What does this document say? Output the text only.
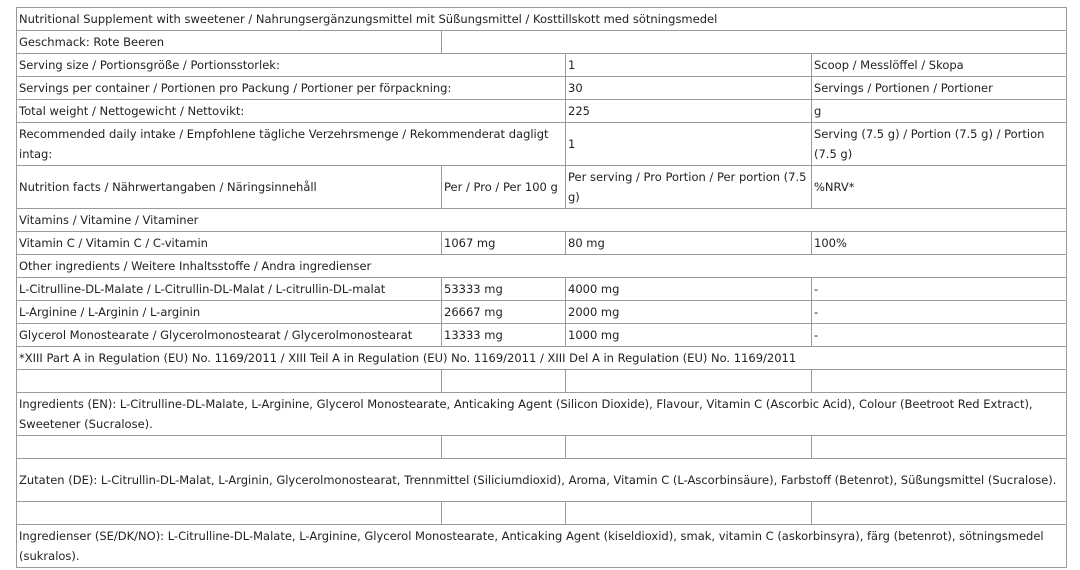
Nutritional Supplement with sweetener / Nahrungsergänzungsmittel mit Süßungsmittel / Kosttillskott med sötningsmedel			
Geschmack: Rote Beeren			
Serving size / Portionsgröße / Portionsstorlek:		1	Scoop / Messlöffel / Skopa
Servings per container / Portionen pro Packung / Portioner per förpackning:		30	Servings / Portionen / Portioner
Total weight / Nettogewicht / Nettovikt:		225	g
Recommended daily intake / Empfohlene tägliche Verzehrsmenge / Rekommenderat dagligt intag:		1	Serving (7.5 g) / Portion (7.5 g) / Portion (7.5 g)
Nutrition facts / Nährwertangaben / Näringsinnehåll	Per / Pro / Per 100 g	Per serving / Pro Portion / Per portion (7.5 g)	%NRV*
Vitamins / Vitamine / Vitaminer			
Vitamin C / Vitamin C / C-vitamin	1067 mg	80 mg	100%
Other ingredients / Weitere Inhaltsstoffe / Andra ingredienser			
L-Citrulline-DL-Malate / L-Citrullin-DL-Malat / L-citrullin-DL-malat	53333 mg	4000 mg	-
L-Arginine / L-Arginin / L-arginin	26667 mg	2000 mg	-
Glycerol Monostearate / Glycerolmonostearat / Glycerolmonostearat	13333 mg	1000 mg	-
*XIII Part A in Regulation (EU) No. 1169/2011 / XIII Teil A in Regulation (EU) No. 1169/2011 / XIII Del A in Regulation (EU) No. 1169/2011			

Ingredients (EN): L-Citrulline-DL-Malate, L-Arginine, Glycerol Monostearate, Anticaking Agent (Silicon Dioxide), Flavour, Vitamin C (Ascorbic Acid), Colour (Beetroot Red Extract), Sweetener (Sucralose).			

Zutaten (DE): L-Citrullin-DL-Malat, L-Arginin, Glycerolmonostearat, Trennmittel (Siliciumdioxid), Aroma, Vitamin C (L-Ascorbinsäure), Farbstoff (Betenrot), Süßungsmittel (Sucralose).			

Ingredienser (SE/DK/NO): L-Citrulline-DL-Malate, L-Arginine, Glycerol Monostearate, Anticaking Agent (kiseldioxid), smak, vitamin C (askorbinsyra), färg (betenrot), sötningsmedel (sukralos).			
